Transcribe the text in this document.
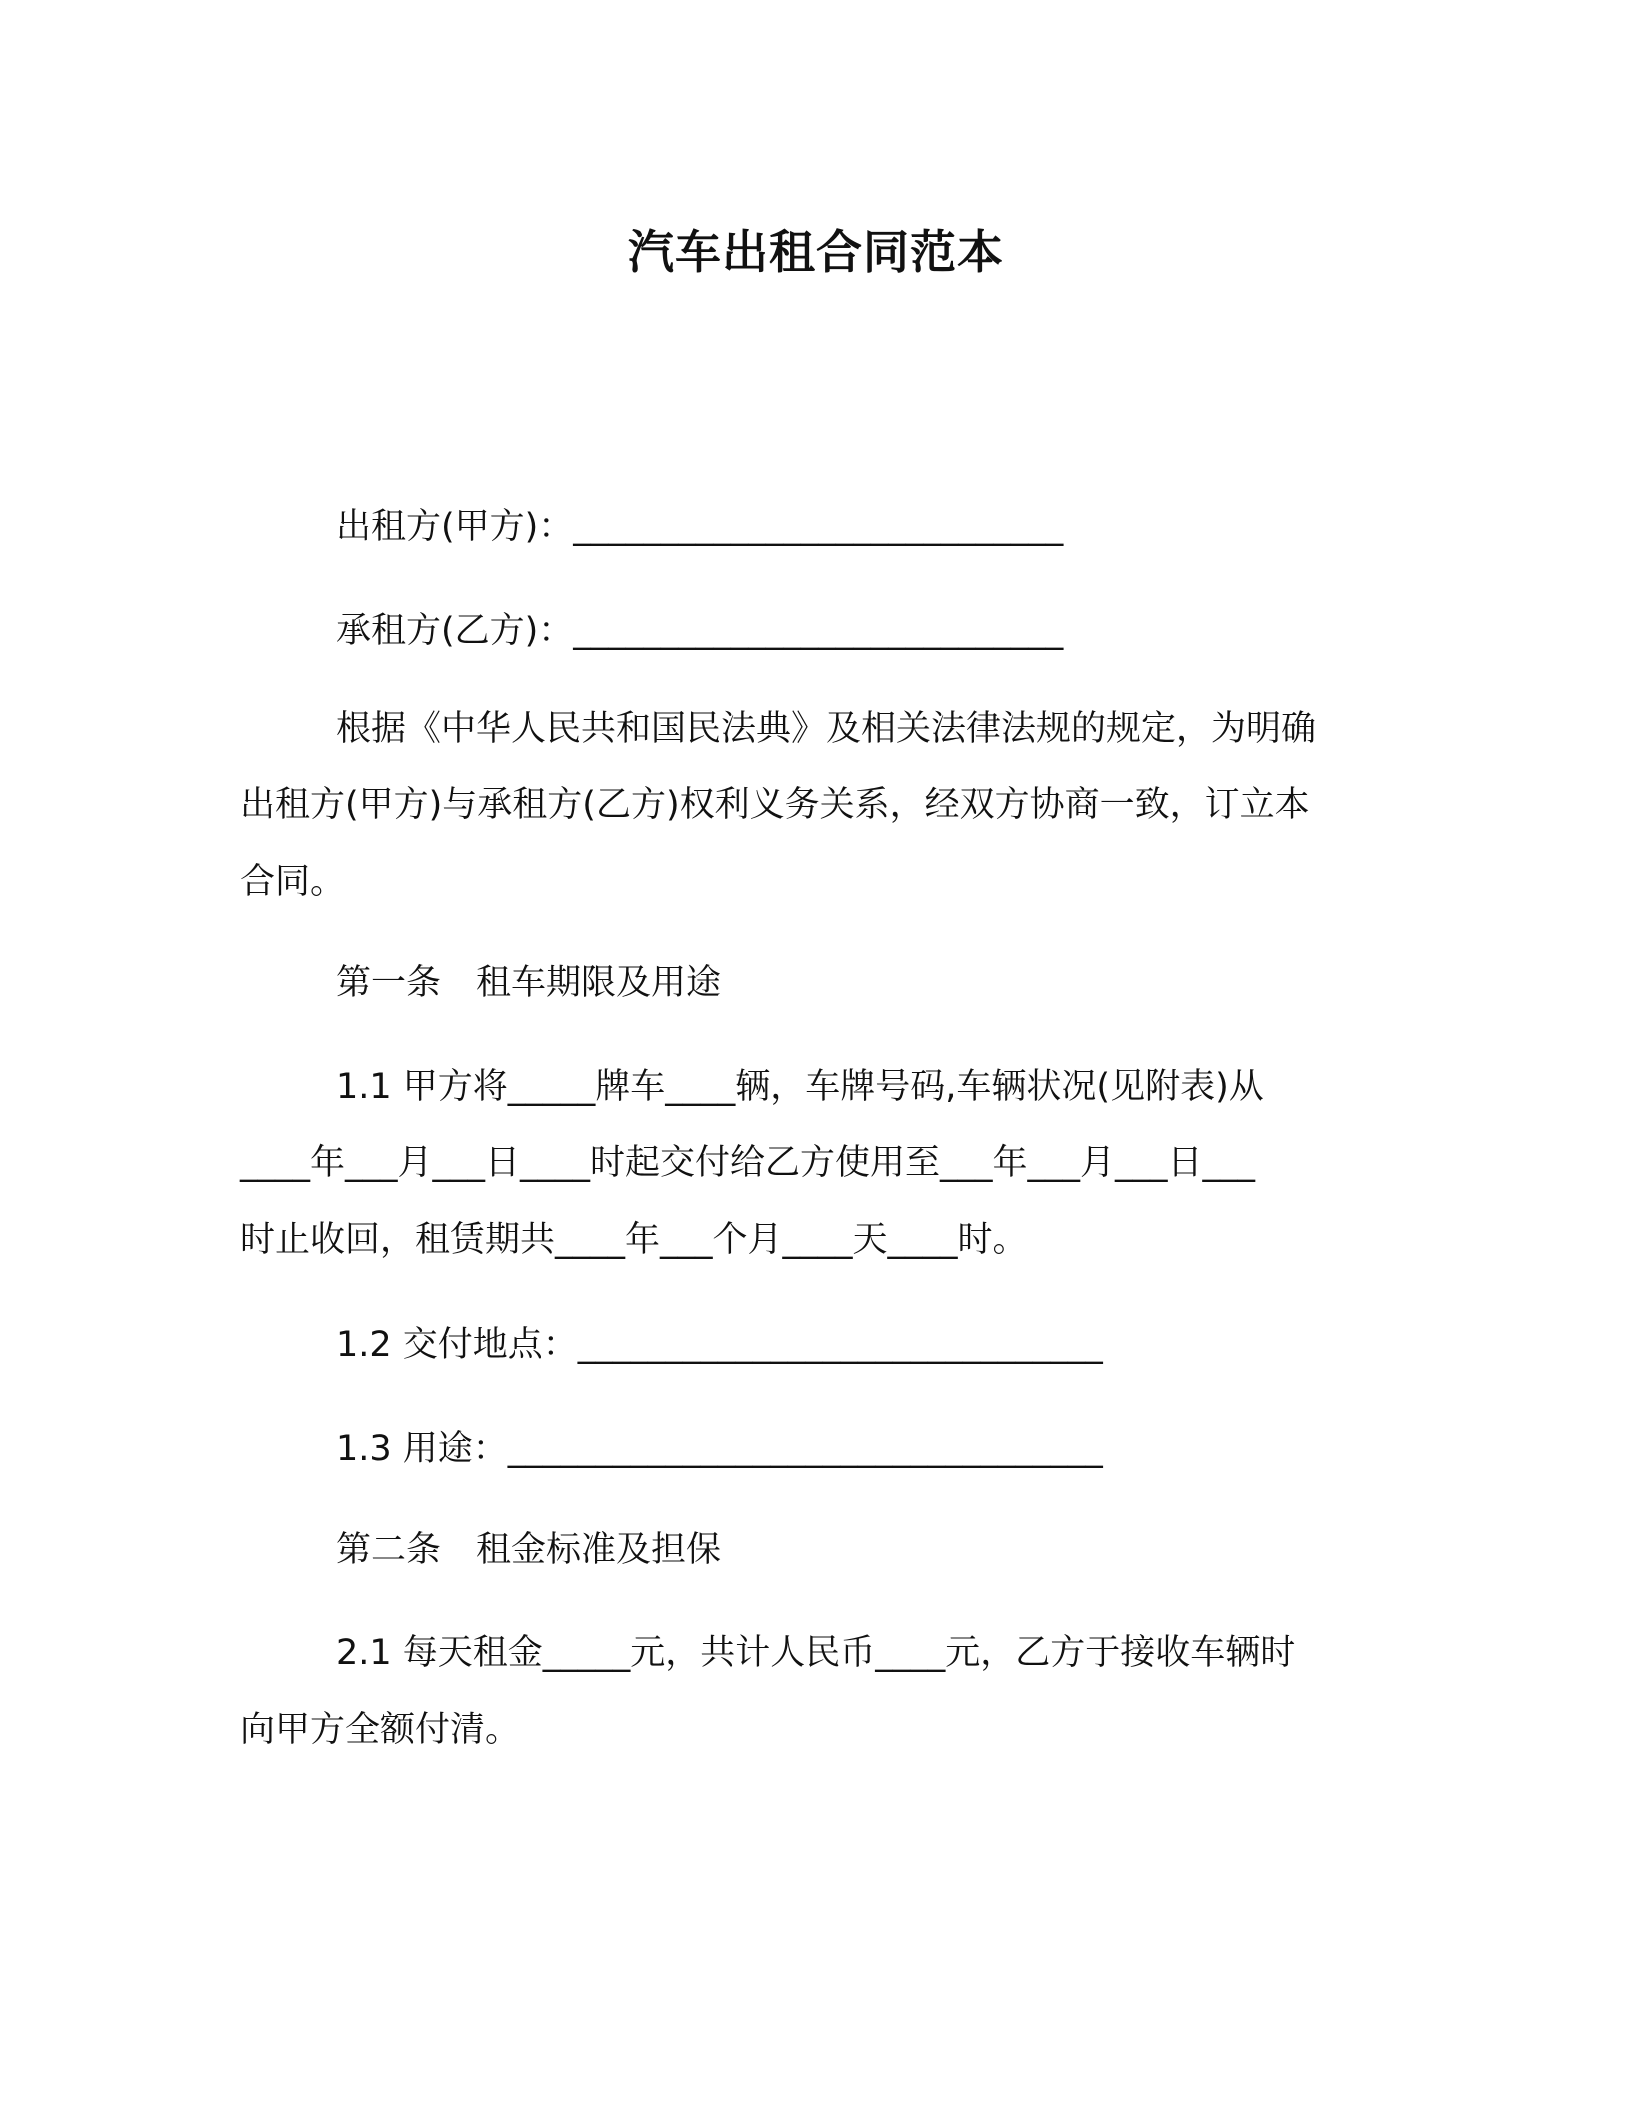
汽车出租合同范本
出租方(甲方)：____________________________
承租方(乙方)：____________________________
根据《中华人民共和国民法典》及相关法律法规的规定，为明确
出租方(甲方)与承租方(乙方)权利义务关系，经双方协商一致，订立本
合同。
第一条　租车期限及用途
1.1 甲方将_____牌车____辆，车牌号码,车辆状况(见附表)从
____年___月___日____时起交付给乙方使用至___年___月___日___
时止收回，租赁期共____年___个月____天____时。
1.2 交付地点：______________________________
1.3 用途：__________________________________
第二条　租金标准及担保
2.1 每天租金_____元，共计人民币____元，乙方于接收车辆时
向甲方全额付清。
